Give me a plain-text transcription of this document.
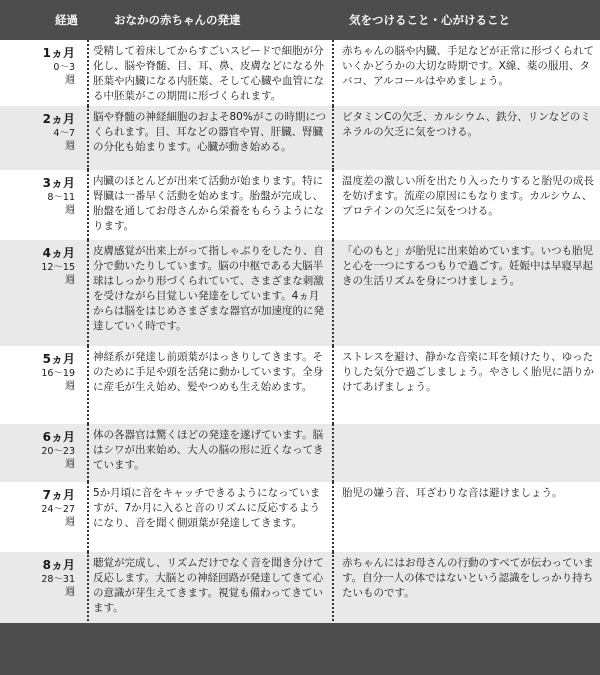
経過	おなかの赤ちゃんの発達	気をつけること・心がけること

1ヵ月
0〜3
週	受精して着床してからすごいスピードで細胞が分化し、脳や脊髄、目、耳、鼻、皮膚などになる外胚葉や内臓になる内胚葉、そして心臓や血管になる中胚葉がこの期間に形づくられます。	赤ちゃんの脳や内臓、手足などが正常に形づくられていくかどうかの大切な時期です。X線、薬の服用、タバコ、アルコールはやめましょう。

2ヵ月
4〜7
週	脳や脊髄の神経細胞のおよそ80%がこの時期につくられます。目、耳などの器官や胃、肝臓、腎臓の分化も始まります。心臓が動き始める。	ビタミンCの欠乏、カルシウム、鉄分、リンなどのミネラルの欠乏に気をつける。

3ヵ月
8〜11
週	内臓のほとんどが出来て活動が始まります。特に腎臓は一番早く活動を始めます。胎盤が完成し、胎盤を通してお母さんから栄養をもらうようになります。	温度差の激しい所を出たり入ったりすると胎児の成長を妨げます。流産の原因にもなります。カルシウム、プロテインの欠乏に気をつける。

4ヵ月
12〜15
週	皮膚感覚が出来上がって指しゃぶりをしたり、自分で動いたりしています。脳の中枢である大脳半球はしっかり形づくられていて、さまざまな刺激を受けながら目覚しい発達をしています。4ヵ月からは脳をはじめさまざまな器官が加速度的に発達していく時です。	「心のもと」が胎児に出来始めています。いつも胎児と心を一つにするつもりで過ごす。妊娠中は早寝早起きの生活リズムを身につけましょう。

5ヵ月
16〜19
週	神経系が発達し前頭葉がはっきりしてきます。そのために手足や頭を活発に動かしています。全身に産毛が生え始め、髪やつめも生え始めます。	ストレスを避け、静かな音楽に耳を傾けたり、ゆったりした気分で過ごしましょう。やさしく胎児に語りかけてあげましょう。

6ヵ月
20〜23
週	体の各器官は驚くほどの発達を遂げています。脳はシワが出来始め、大人の脳の形に近くなってきています。	

7ヵ月
24〜27
週	5か月頃に音をキャッチできるようになっていますが、7か月に入ると音のリズムに反応するようになり、音を聞く側頭葉が発達してきます。	胎児の嫌う音、耳ざわりな音は避けましょう。

8ヵ月
28〜31
週	聴覚が完成し、リズムだけでなく音を聞き分けて反応します。大脳との神経回路が発達してきて心の意識が芽生えてきます。視覚も備わってきています。	赤ちゃんにはお母さんの行動のすべてが伝わっています。自分一人の体ではないという認識をしっかり持ちたいものです。
